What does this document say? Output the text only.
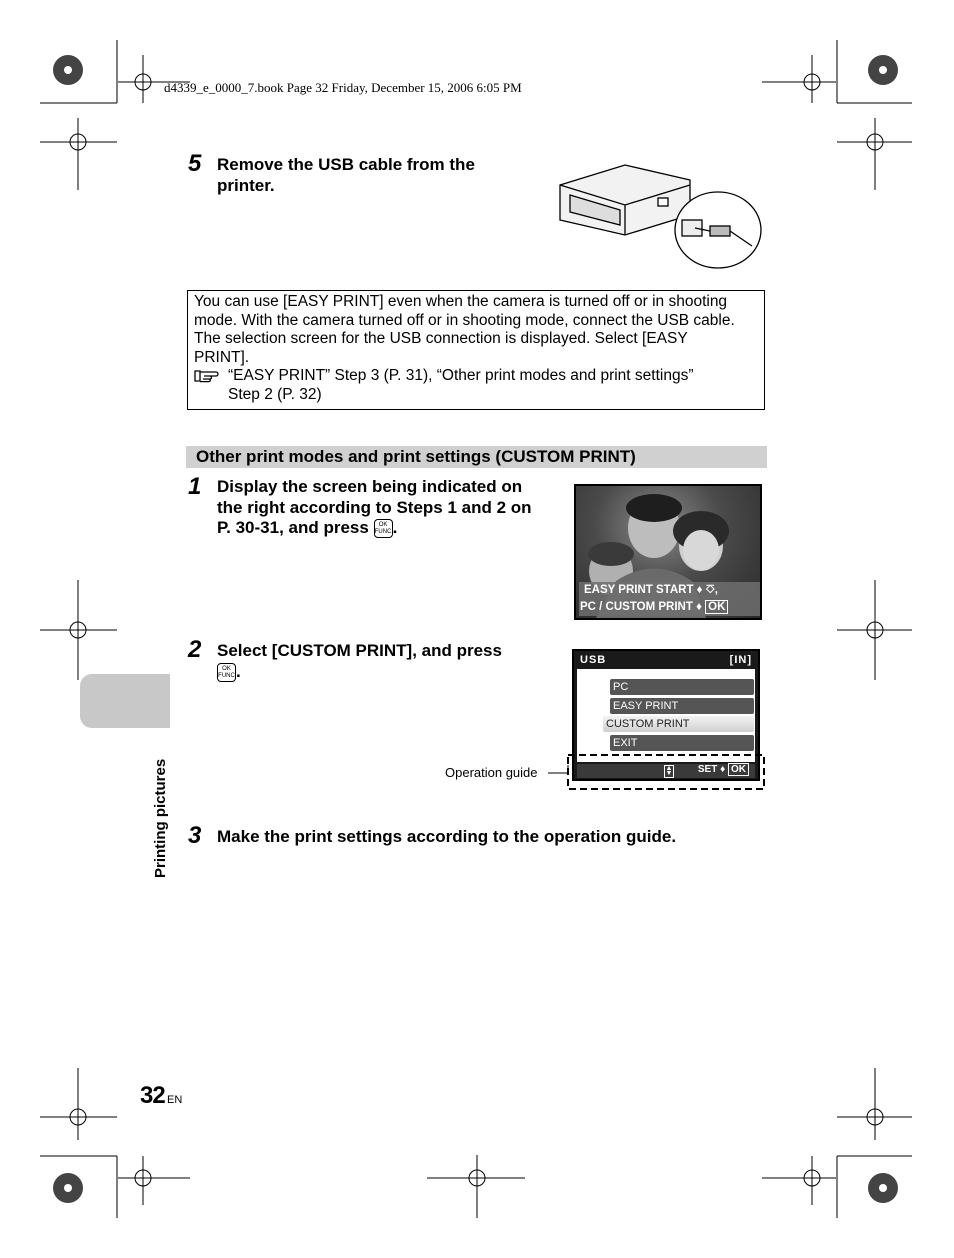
d4339_e_0000_7.book Page 32 Friday, December 15, 2006 6:05 PM
5 Remove the USB cable from the
printer.
You can use [EASY PRINT] even when the camera is turned off or in shooting
mode. With the camera turned off or in shooting mode, connect the USB cable.
The selection screen for the USB connection is displayed. Select [EASY
PRINT].
“EASY PRINT” Step 3 (P. 31), “Other print modes and print settings”
Step 2 (P. 32)
Other print modes and print settings (CUSTOM PRINT)
1 Display the screen being indicated on
the right according to Steps 1 and 2 on
P. 30-31, and press OK
FUNC.
EASY PRINT START ♦ ⎏,
PC / CUSTOM PRINT ♦ OK
2 Select [CUSTOM PRINT], and press
OK
FUNC.
USB	[IN]
PC
EASY PRINT
CUSTOM PRINT
EXIT
▲
▼	SET ♦ OK
Operation guide
3 Make the print settings according to the operation guide.
Printing pictures
32 EN
